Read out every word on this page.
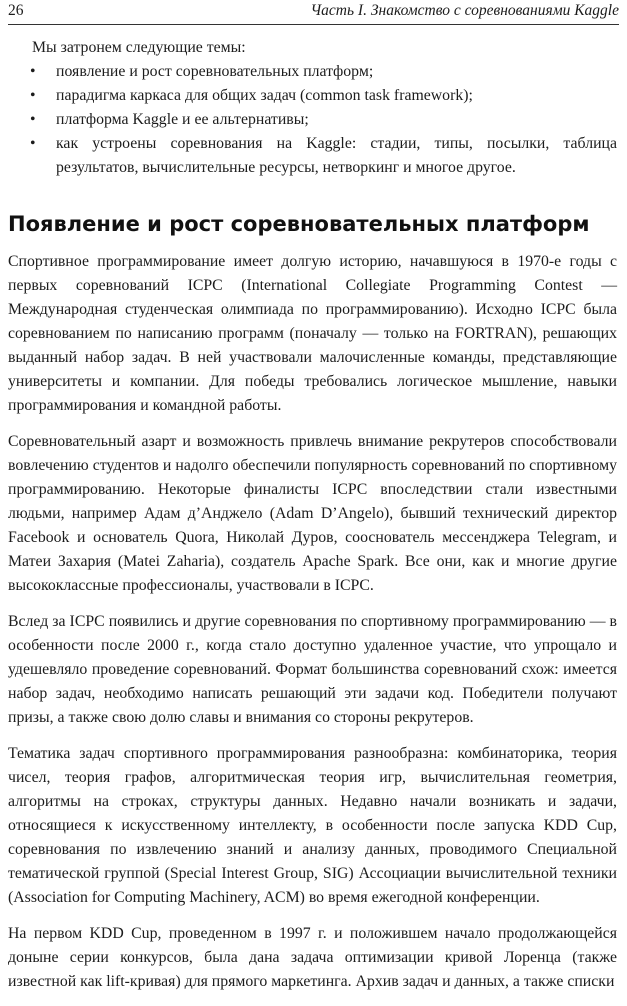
26	Часть I. Знакомство с соревнованиями Kaggle

Мы затронем следующие темы:

• появление и рост соревновательных платформ;
• парадигма каркаса для общих задач (common task framework);
• платформа Kaggle и ее альтернативы;
• как устроены соревнования на Kaggle: стадии, типы, посылки, таблица результатов, вычислительные ресурсы, нетворкинг и многое другое.
Появление и рост соревновательных платформ

Спортивное программирование имеет долгую историю, начавшуюся в 1970-е годы с первых соревнований ICPC (International Collegiate Programming Contest — Международная студенческая олимпиада по программированию). Исходно ICPC была соревнованием по написанию программ (поначалу — только на FORTRAN), решающих выданный набор задач. В ней участвовали малочисленные команды, представляющие университеты и компании. Для победы требовались логическое мышление, навыки программирования и командной работы.

Соревновательный азарт и возможность привлечь внимание рекрутеров способствовали вовлечению студентов и надолго обеспечили популярность соревнований по спортивному программированию. Некоторые финалисты ICPC впоследствии стали известными людьми, например Адам д’Анджело (Adam D’Angelo), бывший технический директор Facebook и основатель Quora, Николай Дуров, сооснователь мессенджера Telegram, и Матеи Захария (Matei Zaharia), создатель Apache Spark. Все они, как и многие другие высококлассные профессионалы, участвовали в ICPC.

Вслед за ICPC появились и другие соревнования по спортивному программированию — в особенности после 2000 г., когда стало доступно удаленное участие, что упрощало и удешевляло проведение соревнований. Формат большинства соревнований схож: имеется набор задач, необходимо написать решающий эти задачи код. Победители получают призы, а также свою долю славы и внимания со стороны рекрутеров.

Тематика задач спортивного программирования разнообразна: комбинаторика, теория чисел, теория графов, алгоритмическая теория игр, вычислительная геометрия, алгоритмы на строках, структуры данных. Недавно начали возникать и задачи, относящиеся к искусственному интеллекту, в особенности после запуска KDD Cup, соревнования по извлечению знаний и анализу данных, проводимого Специальной тематической группой (Special Interest Group, SIG) Ассоциации вычислительной техники (Association for Computing Machinery, ACM) во время ежегодной конференции.

На первом KDD Cup, проведенном в 1997 г. и положившем начало продолжающейся доныне серии конкурсов, была дана задача оптимизации кривой Лоренца (также известной как lift-кривая) для прямого маркетинга. Архив задач и данных, а также списки
